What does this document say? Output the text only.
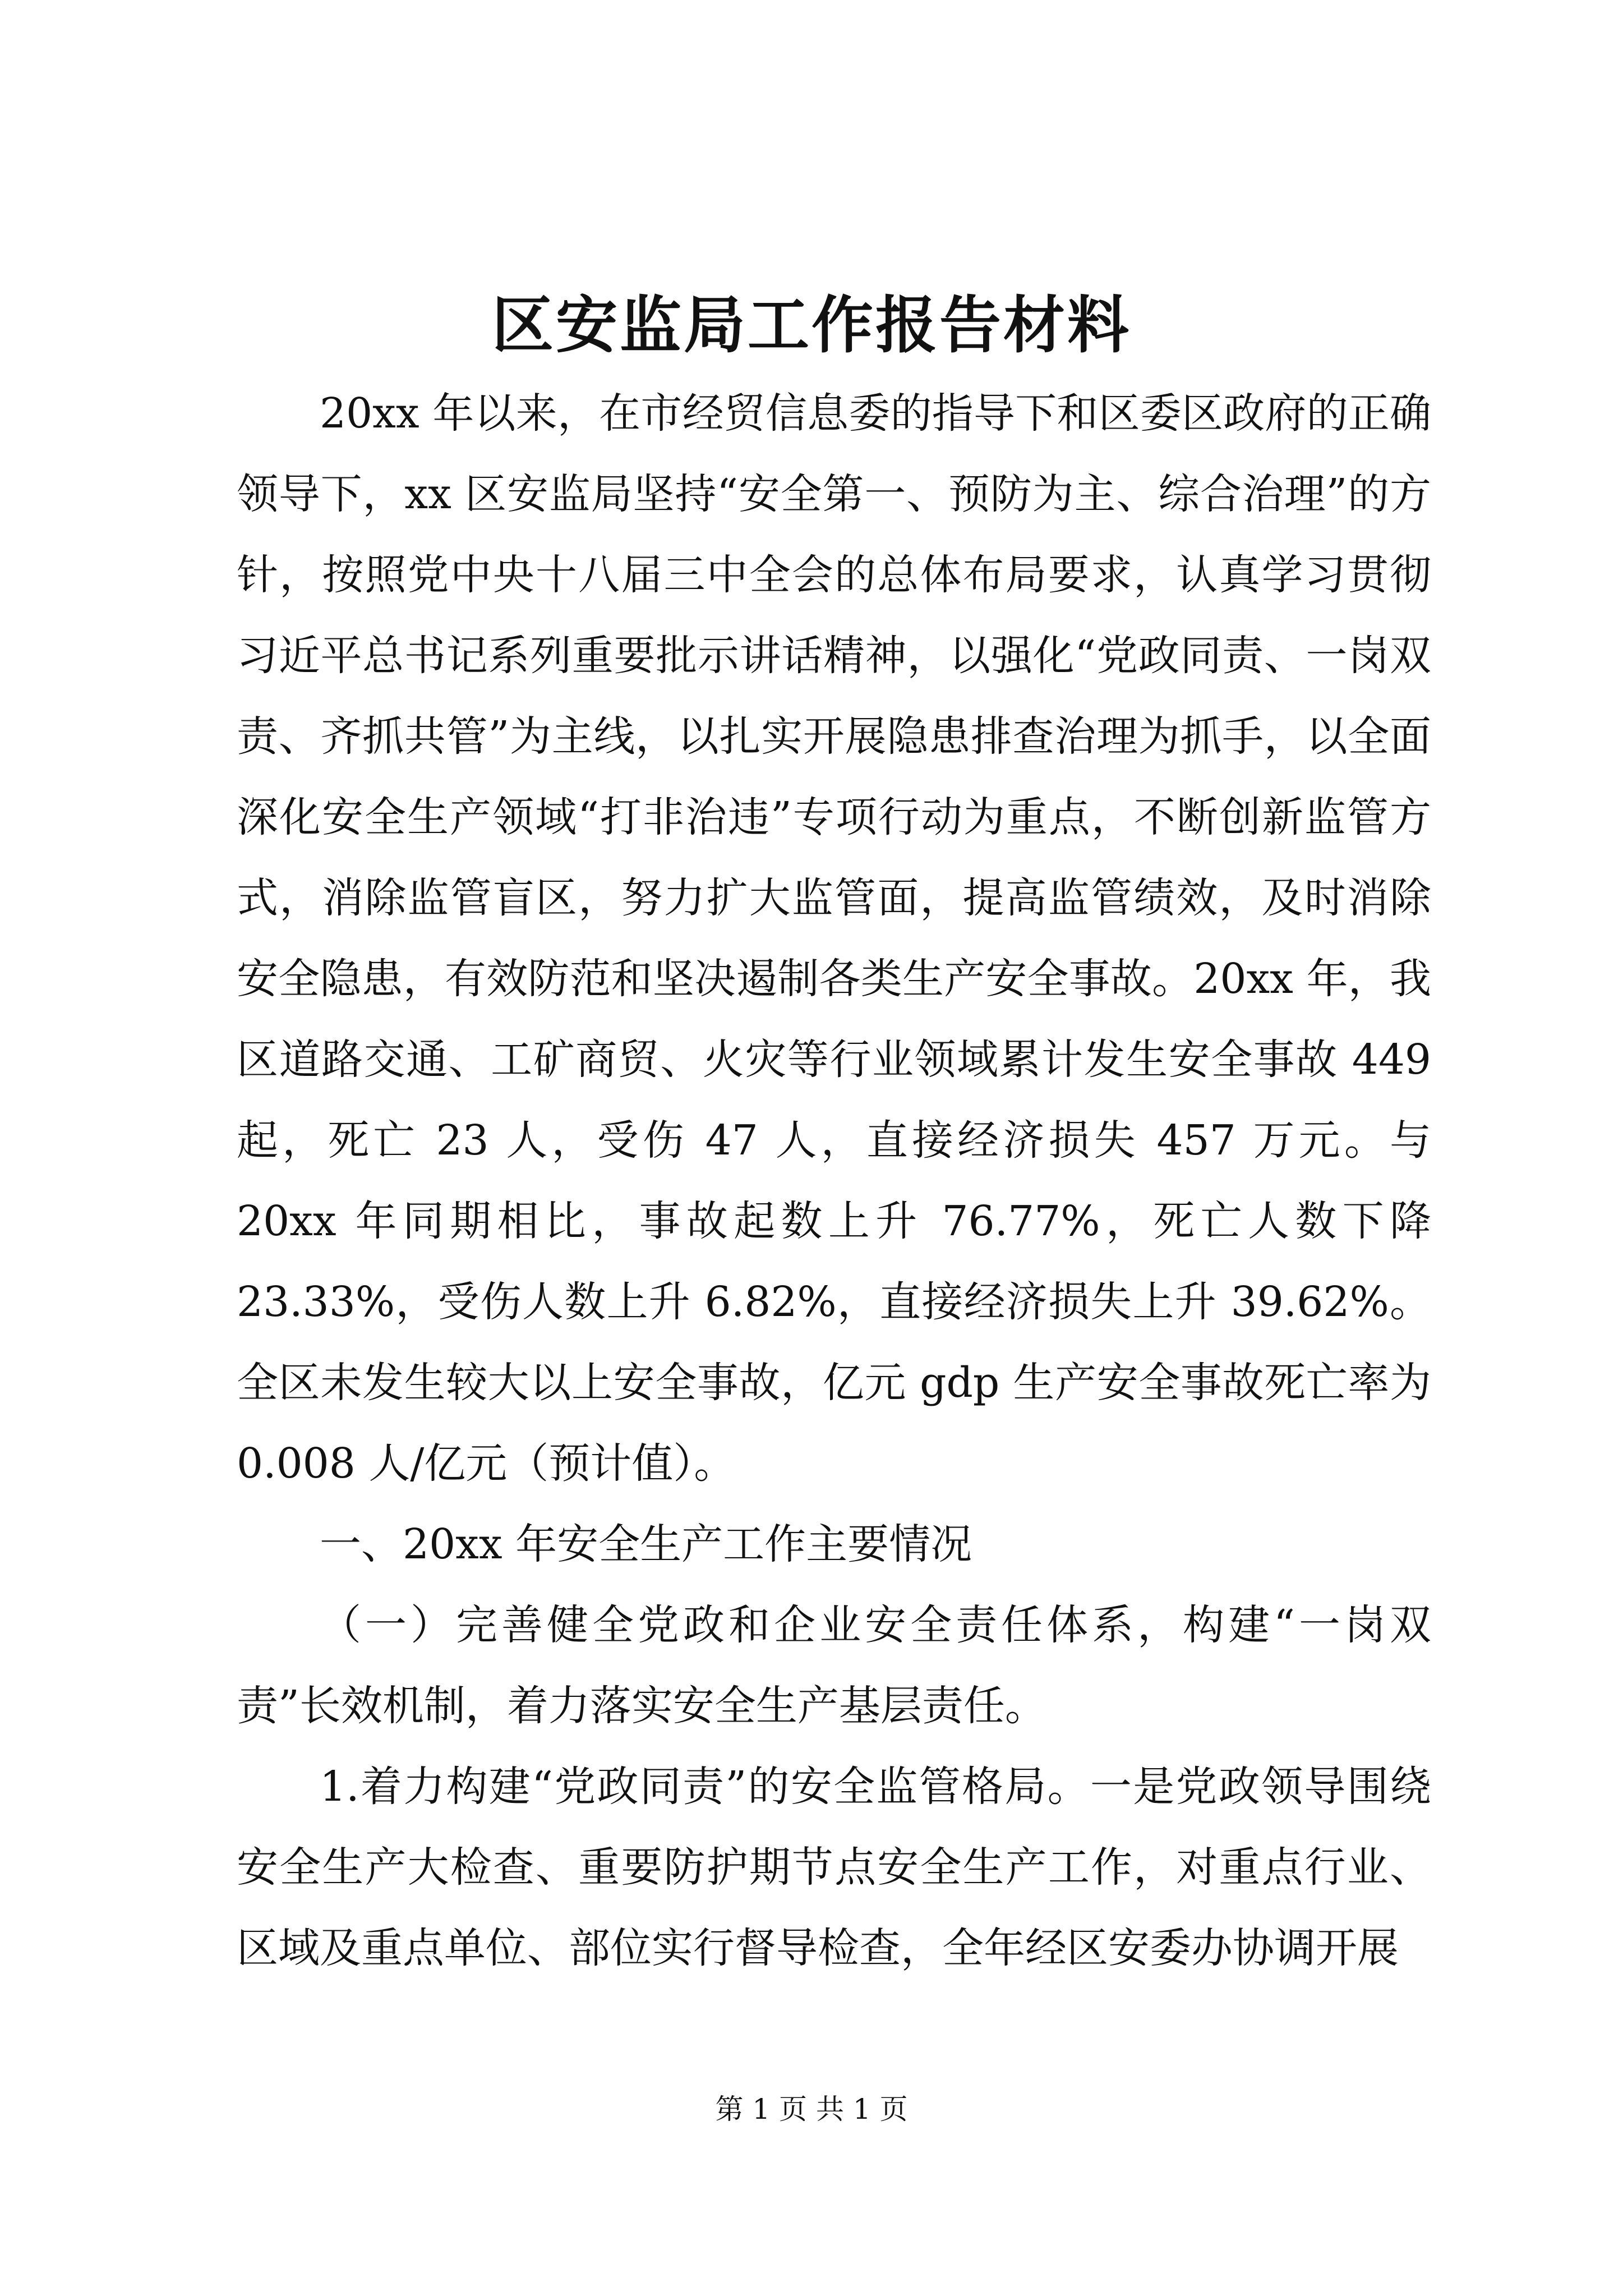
区安监局工作报告材料

20xx 年以来，在市经贸信息委的指导下和区委区政府的正确领导下，xx 区安监局坚持“安全第一、预防为主、综合治理”的方针，按照党中央十八届三中全会的总体布局要求，认真学习贯彻习近平总书记系列重要批示讲话精神，以强化“党政同责、一岗双责、齐抓共管”为主线，以扎实开展隐患排查治理为抓手，以全面深化安全生产领域“打非治违”专项行动为重点，不断创新监管方式，消除监管盲区，努力扩大监管面，提高监管绩效，及时消除安全隐患，有效防范和坚决遏制各类生产安全事故。20xx 年，我区道路交通、工矿商贸、火灾等行业领域累计发生安全事故 449 起，死亡 23 人，受伤 47 人，直接经济损失 457 万元。与 20xx 年同期相比，事故起数上升 76.77%，死亡人数下降 23.33%，受伤人数上升 6.82%，直接经济损失上升 39.62%。全区未发生较大以上安全事故，亿元 gdp 生产安全事故死亡率为 0.008 人/亿元（预计值）。

一、20xx 年安全生产工作主要情况

（一）完善健全党政和企业安全责任体系，构建“一岗双责”长效机制，着力落实安全生产基层责任。

1.着力构建“党政同责”的安全监管格局。一是党政领导围绕安全生产大检查、重要防护期节点安全生产工作，对重点行业、区域及重点单位、部位实行督导检查，全年经区安委办协调开展

第 1 页 共 1 页
